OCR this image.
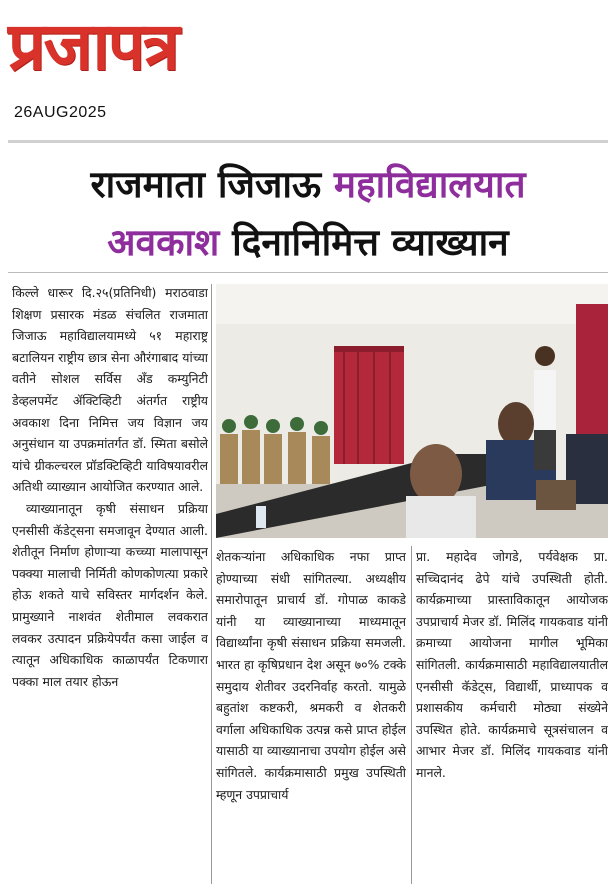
प्रजापत्र
26AUG2025
राजमाता जिजाऊ महाविद्यालयात
अवकाश दिनानिमित्त व्याख्यान

किल्ले धारूर दि.२५(प्रतिनिधी) मराठवाडा शिक्षण प्रसारक मंडळ संचलित राजमाता जिजाऊ महाविद्यालयामध्ये ५१ महाराष्ट्र बटालियन राष्ट्रीय छात्र सेना औरंगाबाद यांच्या वतीने सोशल सर्विस अँड कम्युनिटी डेव्हलपमेंट ॲक्टिव्हिटी अंतर्गत राष्ट्रीय अवकाश दिना निमित्त जय विज्ञान जय अनुसंधान या उपक्रमांतर्गत डॉ. स्मिता बसोले यांचे ग्रीकल्चरल प्रॉडक्टिव्हिटी याविषयावरील अतिथी व्याख्यान आयोजित करण्यात आले.

व्याख्यानातून कृषी संसाधन प्रक्रिया एनसीसी कॅडेट्सना समजावून देण्यात आली. शेतीतून निर्माण होणाऱ्या कच्च्या मालापासून पक्क्या मालाची निर्मिती कोणकोणत्या प्रकारे होऊ शकते याचे सविस्तर मार्गदर्शन केले. प्रामुख्याने नाशवंत शेतीमाल लवकरात लवकर उत्पादन प्रक्रियेपर्यंत कसा जाईल व त्यातून अधिकाधिक काळापर्यंत टिकणारा पक्का माल तयार होऊन

शेतकऱ्यांना अधिकाधिक नफा प्राप्त होण्याच्या संधी सांगितल्या. अध्यक्षीय समारोपातून प्राचार्य डॉ. गोपाळ काकडे यांनी या व्याख्यानाच्या माध्यमातून विद्यार्थ्यांना कृषी संसाधन प्रक्रिया समजली. भारत हा कृषिप्रधान देश असून ७०% टक्के समुदाय शेतीवर उदरनिर्वाह करतो. यामुळे बहुतांश कष्टकरी, श्रमकरी व शेतकरी वर्गाला अधिकाधिक उत्पन्न कसे प्राप्त होईल यासाठी या व्याख्यानाचा उपयोग होईल असे सांगितले. कार्यक्रमासाठी प्रमुख उपस्थिती म्हणून उपप्राचार्य

प्रा. महादेव जोगडे, पर्यवेक्षक प्रा. सच्चिदानंद ढेपे यांचे उपस्थिती होती. कार्यक्रमाच्या प्रास्ताविकातून आयोजक उपप्राचार्य मेजर डॉ. मिलिंद गायकवाड यांनी क्रमाच्या आयोजना मागील भूमिका सांगितली. कार्यक्रमासाठी महाविद्यालयातील एनसीसी कॅडेट्स, विद्यार्थी, प्राध्यापक व प्रशासकीय कर्मचारी मोठ्या संख्येने उपस्थित होते. कार्यक्रमाचे सूत्रसंचालन व आभार मेजर डॉ. मिलिंद गायकवाड यांनी मानले.
